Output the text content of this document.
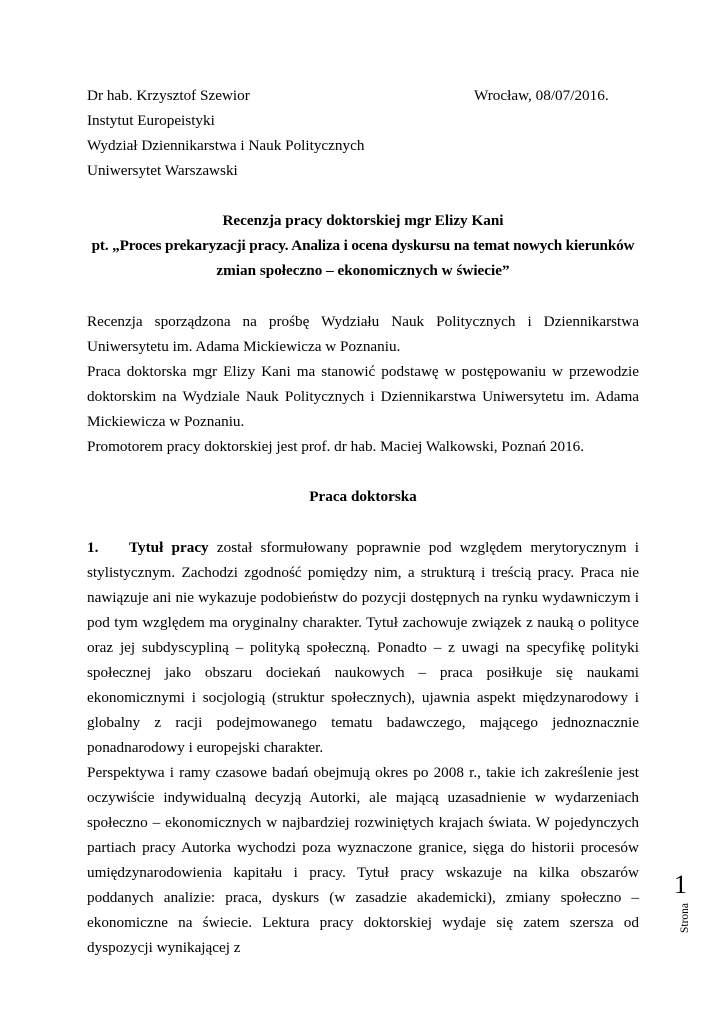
Dr hab. Krzysztof Szewior	Wrocław, 08/07/2016.
Instytut Europeistyki
Wydział Dziennikarstwa i Nauk Politycznych
Uniwersytet Warszawski
Recenzja pracy doktorskiej mgr Elizy Kani
pt. „Proces prekaryzacji pracy. Analiza i ocena dyskursu na temat nowych kierunków
zmian społeczno – ekonomicznych w świecie”
Recenzja sporządzona na prośbę Wydziału Nauk Politycznych i Dziennikarstwa Uniwersytetu im. Adama Mickiewicza w Poznaniu.
Praca doktorska mgr Elizy Kani ma stanowić podstawę w postępowaniu w przewodzie doktorskim na Wydziale Nauk Politycznych i Dziennikarstwa Uniwersytetu im. Adama Mickiewicza w Poznaniu.
Promotorem pracy doktorskiej jest prof. dr hab. Maciej Walkowski, Poznań 2016.
Praca doktorska
1. Tytuł pracy został sformułowany poprawnie pod względem merytorycznym i stylistycznym. Zachodzi zgodność pomiędzy nim, a strukturą i treścią pracy. Praca nie nawiązuje ani nie wykazuje podobieństw do pozycji dostępnych na rynku wydawniczym i pod tym względem ma oryginalny charakter. Tytuł zachowuje związek z nauką o polityce oraz jej subdyscypliną – polityką społeczną. Ponadto – z uwagi na specyfikę polityki społecznej jako obszaru dociekań naukowych – praca posiłkuje się naukami ekonomicznymi i socjologią (struktur społecznych), ujawnia aspekt międzynarodowy i globalny z racji podejmowanego tematu badawczego, mającego jednoznacznie ponadnarodowy i europejski charakter.
Perspektywa i ramy czasowe badań obejmują okres po 2008 r., takie ich zakreślenie jest oczywiście indywidualną decyzją Autorki, ale mającą uzasadnienie w wydarzeniach społeczno – ekonomicznych w najbardziej rozwiniętych krajach świata. W pojedynczych partiach pracy Autorka wychodzi poza wyznaczone granice, sięga do historii procesów umiędzynarodowienia kapitału i pracy. Tytuł pracy wskazuje na kilka obszarów poddanych analizie: praca, dyskurs (w zasadzie akademicki), zmiany społeczno – ekonomiczne na świecie. Lektura pracy doktorskiej wydaje się zatem szersza od dyspozycji wynikającej z
1
Strona
